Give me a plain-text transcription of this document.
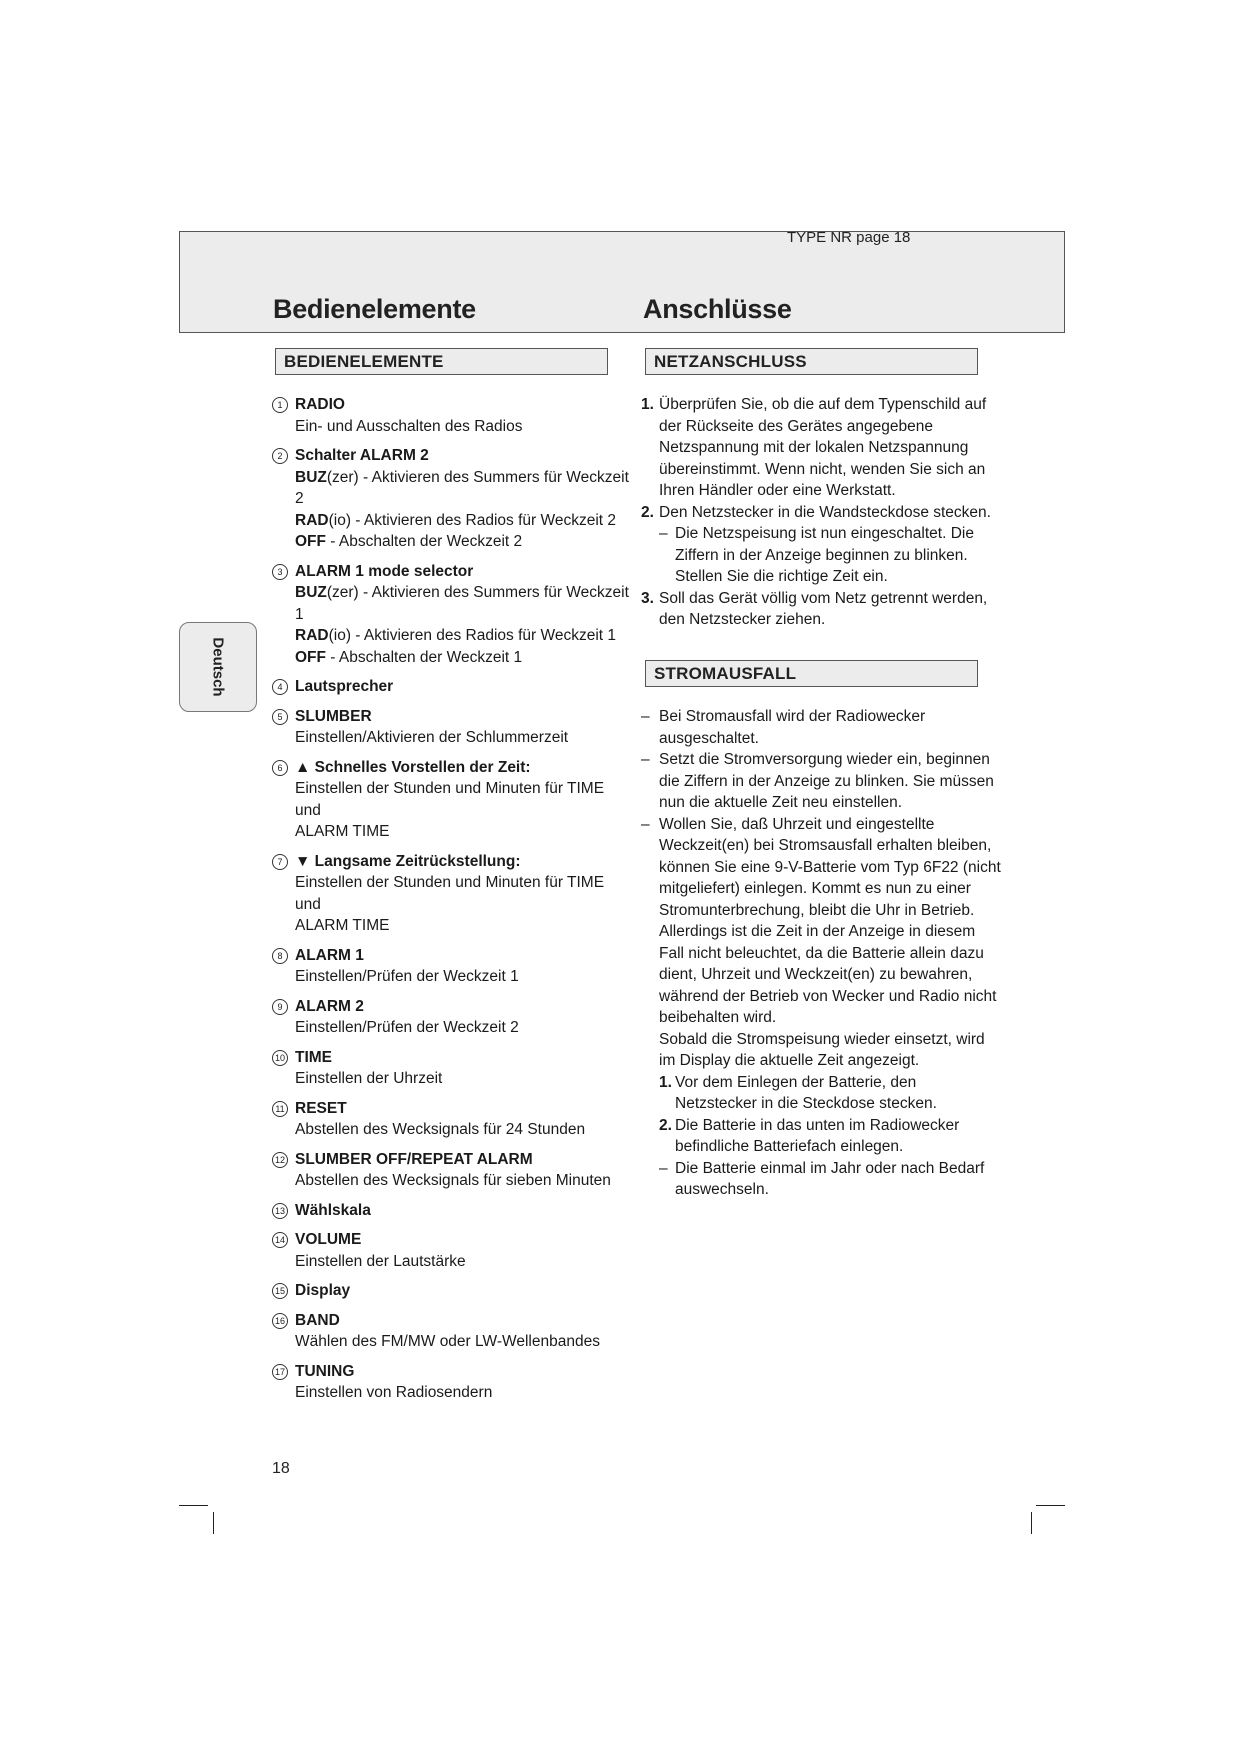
TYPE NR page 18
Bedienelemente	Anschlüsse
BEDIENELEMENTE	NETZANSCHLUSS
STROMAUSFALL
Deutsch
1 RADIO
Ein- und Ausschalten des Radios
2 Schalter ALARM 2
BUZ(zer) - Aktivieren des Summers für Weckzeit 2
RAD(io) - Aktivieren des Radios für Weckzeit 2
OFF - Abschalten der Weckzeit 2
3 ALARM 1 mode selector
BUZ(zer) - Aktivieren des Summers für Weckzeit 1
RAD(io) - Aktivieren des Radios für Weckzeit 1
OFF - Abschalten der Weckzeit 1
4 Lautsprecher
5 SLUMBER
Einstellen/Aktivieren der Schlummerzeit
6 ▲ Schnelles Vorstellen der Zeit:
Einstellen der Stunden und Minuten für TIME und
ALARM TIME
7 ▼ Langsame Zeitrückstellung:
Einstellen der Stunden und Minuten für TIME und
ALARM TIME
8 ALARM 1
Einstellen/Prüfen der Weckzeit 1
9 ALARM 2
Einstellen/Prüfen der Weckzeit 2
10 TIME
Einstellen der Uhrzeit
11 RESET
Abstellen des Wecksignals für 24 Stunden
12 SLUMBER OFF/REPEAT ALARM
Abstellen des Wecksignals für sieben Minuten
13 Wählskala
14 VOLUME
Einstellen der Lautstärke
15 Display
16 BAND
Wählen des FM/MW oder LW-Wellenbandes
17 TUNING
Einstellen von Radiosendern

1. Überprüfen Sie, ob die auf dem Typenschild auf der Rückseite des Gerätes angegebene Netzspannung mit der lokalen Netzspannung übereinstimmt. Wenn nicht, wenden Sie sich an Ihren Händler oder eine Werkstatt.

2. Den Netzstecker in die Wandsteckdose stecken.

– Die Netzspeisung ist nun eingeschaltet. Die Ziffern in der Anzeige beginnen zu blinken. Stellen Sie die richtige Zeit ein.

3. Soll das Gerät völlig vom Netz getrennt werden, den Netzstecker ziehen.

– Bei Stromausfall wird der Radiowecker ausgeschaltet.

– Setzt die Stromversorgung wieder ein, beginnen die Ziffern in der Anzeige zu blinken. Sie müssen nun die aktuelle Zeit neu einstellen.

– Wollen Sie, daß Uhrzeit und eingestellte Weckzeit(en) bei Stromsausfall erhalten bleiben, können Sie eine 9-V-Batterie vom Typ 6F22 (nicht mitgeliefert) einlegen. Kommt es nun zu einer Stromunterbrechung, bleibt die Uhr in Betrieb. Allerdings ist die Zeit in der Anzeige in diesem Fall nicht beleuchtet, da die Batterie allein dazu dient, Uhrzeit und Weckzeit(en) zu bewahren, während der Betrieb von Wecker und Radio nicht beibehalten wird.

Sobald die Stromspeisung wieder einsetzt, wird im Display die aktuelle Zeit angezeigt.

1. Vor dem Einlegen der Batterie, den Netzstecker in die Steckdose stecken.

2. Die Batterie in das unten im Radiowecker befindliche Batteriefach einlegen.

– Die Batterie einmal im Jahr oder nach Bedarf auswechseln.

18
